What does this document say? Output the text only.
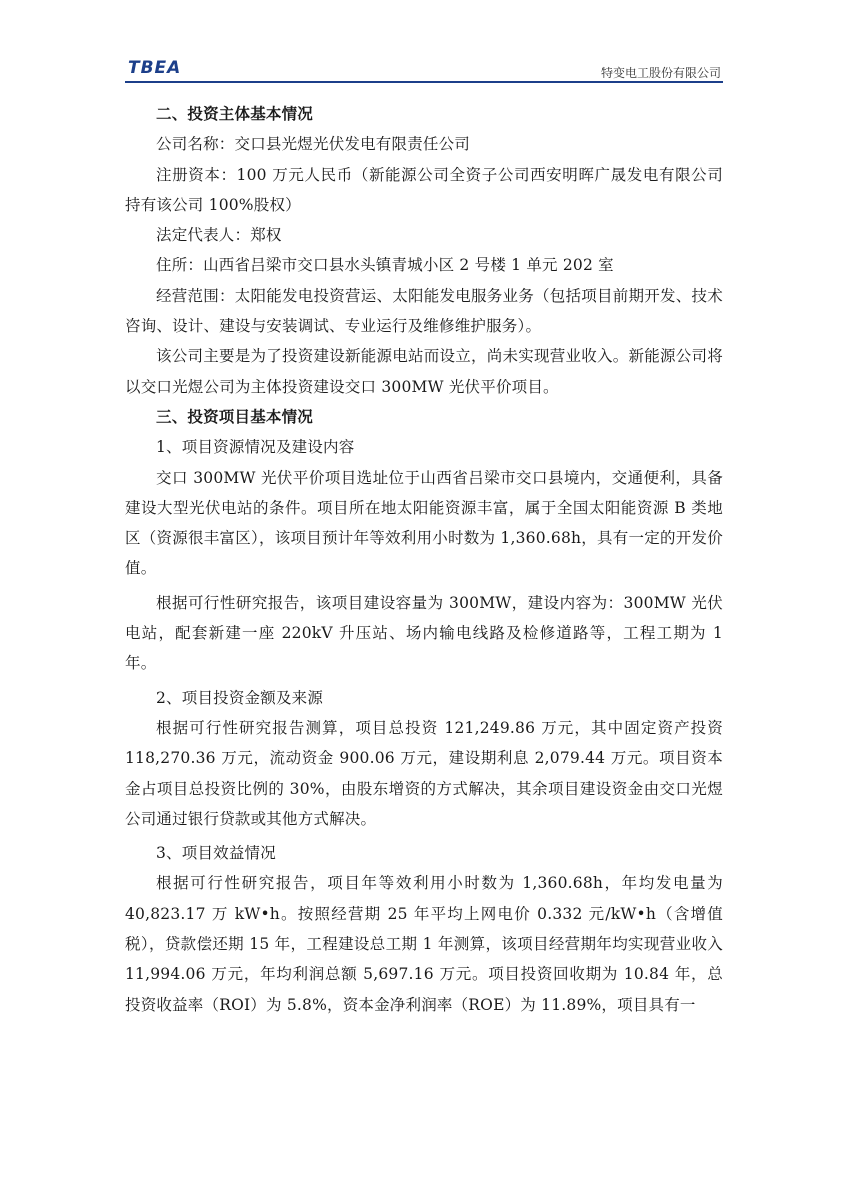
TBEA	特变电工股份有限公司

二、投资主体基本情况

公司名称：交口县光煜光伏发电有限责任公司

注册资本：100 万元人民币（新能源公司全资子公司西安明晖广晟发电有限公司持有该公司 100%股权）

法定代表人：郑权

住所：山西省吕梁市交口县水头镇青城小区 2 号楼 1 单元 202 室

经营范围：太阳能发电投资营运、太阳能发电服务业务（包括项目前期开发、技术咨询、设计、建设与安装调试、专业运行及维修维护服务）。

该公司主要是为了投资建设新能源电站而设立，尚未实现营业收入。新能源公司将以交口光煜公司为主体投资建设交口 300MW 光伏平价项目。

三、投资项目基本情况

1、项目资源情况及建设内容

交口 300MW 光伏平价项目选址位于山西省吕梁市交口县境内，交通便利，具备建设大型光伏电站的条件。项目所在地太阳能资源丰富，属于全国太阳能资源 B 类地区（资源很丰富区），该项目预计年等效利用小时数为 1,360.68h，具有一定的开发价值。

根据可行性研究报告，该项目建设容量为 300MW，建设内容为：300MW 光伏电站，配套新建一座 220kV 升压站、场内输电线路及检修道路等，工程工期为 1 年。

2、项目投资金额及来源

根据可行性研究报告测算，项目总投资 121,249.86 万元，其中固定资产投资 118,270.36 万元，流动资金 900.06 万元，建设期利息 2,079.44 万元。项目资本金占项目总投资比例的 30%，由股东增资的方式解决，其余项目建设资金由交口光煜公司通过银行贷款或其他方式解决。

3、项目效益情况

根据可行性研究报告，项目年等效利用小时数为 1,360.68h，年均发电量为 40,823.17 万 kW•h。按照经营期 25 年平均上网电价 0.332 元/kW•h（含增值税），贷款偿还期 15 年，工程建设总工期 1 年测算，该项目经营期年均实现营业收入 11,994.06 万元，年均利润总额 5,697.16 万元。项目投资回收期为 10.84 年，总投资收益率（ROI）为 5.8%，资本金净利润率（ROE）为 11.89%，项目具有一
